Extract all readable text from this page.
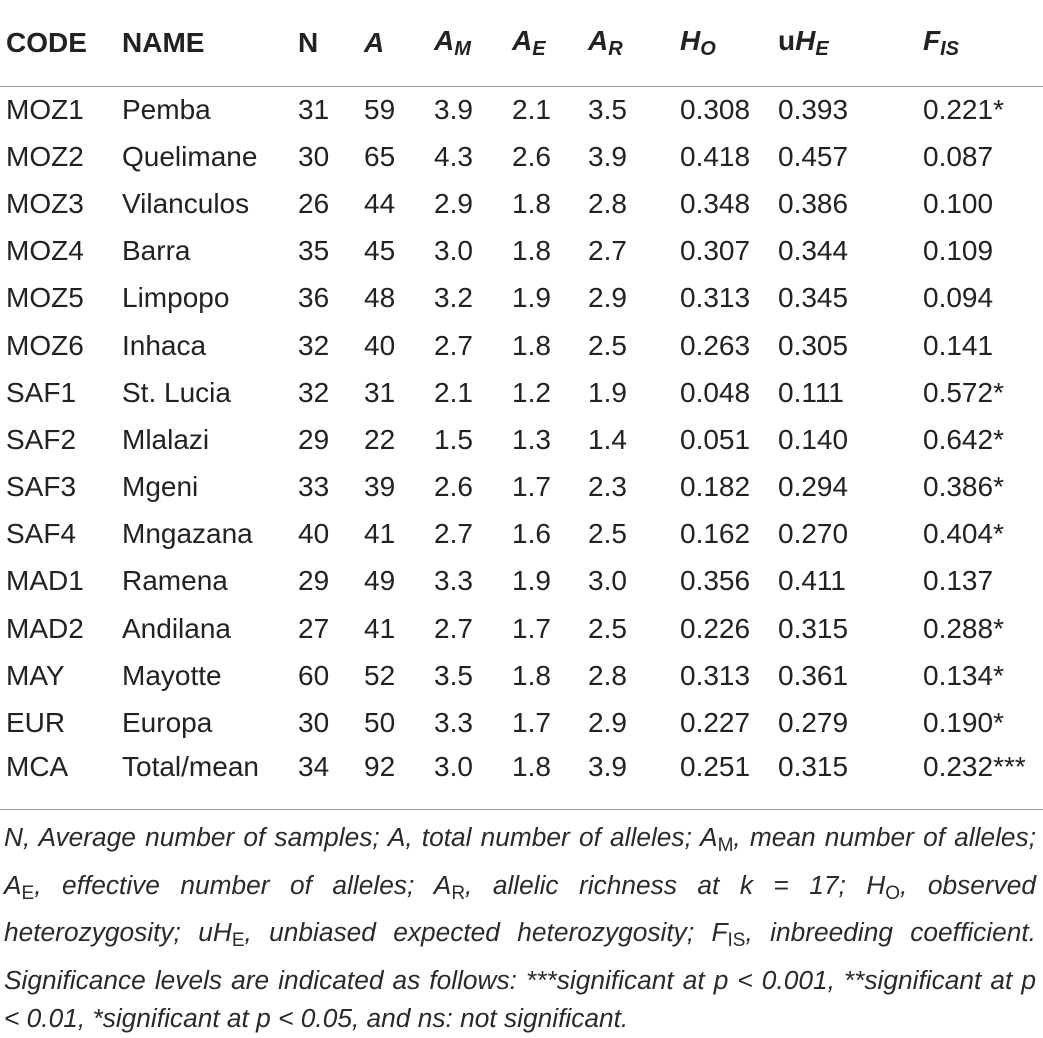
CODE	NAME	N	A	$A_M$	$A_E$	$A_R$	$H_O$	$uH_E$	$F_{IS}$
MOZ1	Pemba	31	59	3.9	2.1	3.5	0.308	0.393	0.221*
MOZ2	Quelimane	30	65	4.3	2.6	3.9	0.418	0.457	0.087
MOZ3	Vilanculos	26	44	2.9	1.8	2.8	0.348	0.386	0.100
MOZ4	Barra	35	45	3.0	1.8	2.7	0.307	0.344	0.109
MOZ5	Limpopo	36	48	3.2	1.9	2.9	0.313	0.345	0.094
MOZ6	Inhaca	32	40	2.7	1.8	2.5	0.263	0.305	0.141
SAF1	St. Lucia	32	31	2.1	1.2	1.9	0.048	0.111	0.572*
SAF2	Mlalazi	29	22	1.5	1.3	1.4	0.051	0.140	0.642*
SAF3	Mgeni	33	39	2.6	1.7	2.3	0.182	0.294	0.386*
SAF4	Mngazana	40	41	2.7	1.6	2.5	0.162	0.270	0.404*
MAD1	Ramena	29	49	3.3	1.9	3.0	0.356	0.411	0.137
MAD2	Andilana	27	41	2.7	1.7	2.5	0.226	0.315	0.288*
MAY	Mayotte	60	52	3.5	1.8	2.8	0.313	0.361	0.134*
EUR	Europa	30	50	3.3	1.7	2.9	0.227	0.279	0.190*
MCA	Total/mean	34	92	3.0	1.8	3.9	0.251	0.315	0.232***
N, Average number of samples; A, total number of alleles; $A_M$, mean number of alleles; $A_E$, effective number of alleles; $A_R$, allelic richness at k = 17; $H_O$, observed heterozygosity; $uH_E$, unbiased expected heterozygosity; $F_{IS}$, inbreeding coefficient. Significance levels are indicated as follows: ***significant at p < 0.001, **significant at p < 0.01, *significant at p < 0.05, and ns: not significant.
